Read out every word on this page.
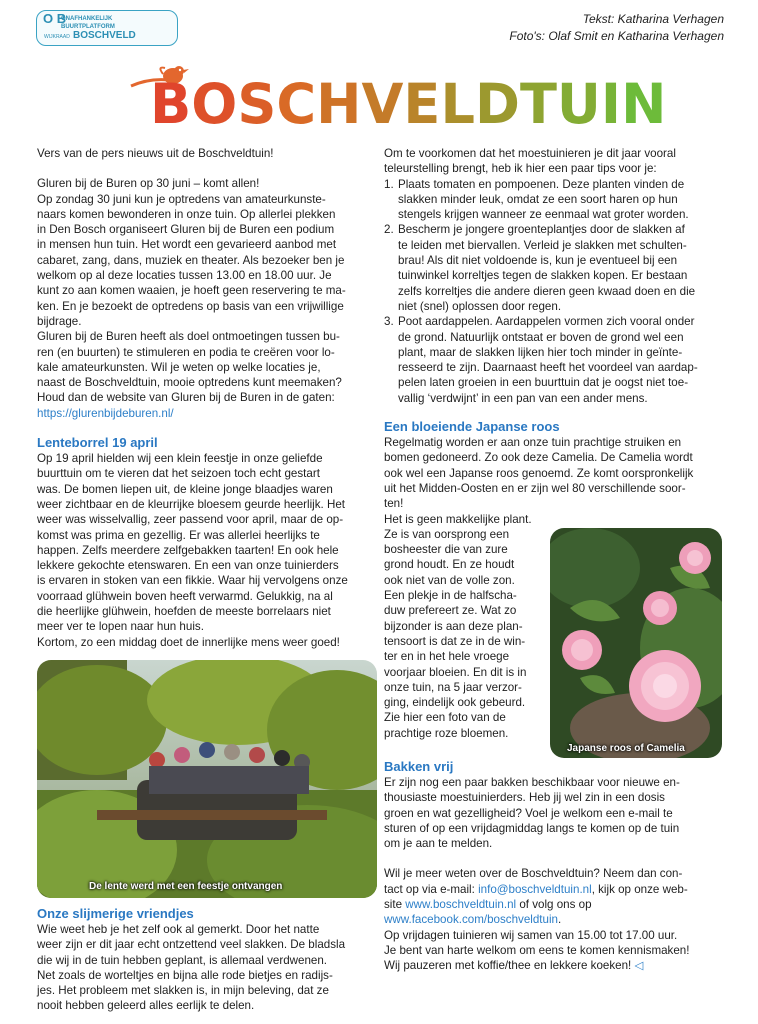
O B
ONAFHANKELIJK
BUURTPLATFORM
WIJKRAAD BOSCHVELD
Tekst: Katharina Verhagen
Foto's: Olaf Smit en Katharina Verhagen
BOSCHVELDTUIN

Vers van de pers nieuws uit de Boschveldtuin!

Gluren bij de Buren op 30 juni – komt allen!

Op zondag 30 juni kun je optredens van amateurkunste-

naars komen bewonderen in onze tuin. Op allerlei plekken

in Den Bosch organiseert Gluren bij de Buren een podium

in mensen hun tuin. Het wordt een gevarieerd aanbod met

cabaret, zang, dans, muziek en theater. Als bezoeker ben je

welkom op al deze locaties tussen 13.00 en 18.00 uur. Je

kunt zo aan komen waaien, je hoeft geen reservering te ma-

ken. En je bezoekt de optredens op basis van een vrijwillige

bijdrage.

Gluren bij de Buren heeft als doel ontmoetingen tussen bu-

ren (en buurten) te stimuleren en podia te creëren voor lo-

kale amateurkunsten. Wil je weten op welke locaties je,

naast de Boschveldtuin, mooie optredens kunt meemaken?

Houd dan de website van Gluren bij de Buren in de gaten:

https://glurenbijdeburen.nl/

Lenteborrel 19 april

Op 19 april hielden wij een klein feestje in onze geliefde

buurttuin om te vieren dat het seizoen toch echt gestart

was. De bomen liepen uit, de kleine jonge blaadjes waren

weer zichtbaar en de kleurrijke bloesem geurde heerlijk. Het

weer was wisselvallig, zeer passend voor april, maar de op-

komst was prima en gezellig. Er was allerlei heerlijks te

happen. Zelfs meerdere zelfgebakken taarten! En ook hele

lekkere gekochte etenswaren. En een van onze tuinierders

is ervaren in stoken van een fikkie. Waar hij vervolgens onze

voorraad glühwein boven heeft verwarmd. Gelukkig, na al

die heerlijke glühwein, hoefden de meeste borrelaars niet

meer ver te lopen naar hun huis.

Kortom, zo een middag doet de innerlijke mens weer goed!

De lente werd met een feestje ontvangen

Onze slijmerige vriendjes

Wie weet heb je het zelf ook al gemerkt. Door het natte

weer zijn er dit jaar echt ontzettend veel slakken. De bladsla

die wij in de tuin hebben geplant, is allemaal verdwenen.

Net zoals de worteltjes en bijna alle rode bietjes en radijs-

jes. Het probleem met slakken is, in mijn beleving, dat ze

nooit hebben geleerd alles eerlijk te delen.

Om te voorkomen dat het moestuinieren je dit jaar vooral

teleurstelling brengt, heb ik hier een paar tips voor je:

1. Plaats tomaten en pompoenen. Deze planten vinden de

slakken minder leuk, omdat ze een soort haren op hun

stengels krijgen wanneer ze eenmaal wat groter worden.

2. Bescherm je jongere groenteplantjes door de slakken af

te leiden met biervallen. Verleid je slakken met schulten-

brau! Als dit niet voldoende is, kun je eventueel bij een

tuinwinkel korreltjes tegen de slakken kopen. Er bestaan

zelfs korreltjes die andere dieren geen kwaad doen en die

niet (snel) oplossen door regen.

3. Poot aardappelen. Aardappelen vormen zich vooral onder

de grond. Natuurlijk ontstaat er boven de grond wel een

plant, maar de slakken lijken hier toch minder in geïnte-

resseerd te zijn. Daarnaast heeft het voordeel van aardap-

pelen laten groeien in een buurttuin dat je oogst niet toe-

vallig ‘verdwijnt’ in een pan van een ander mens.

Een bloeiende Japanse roos

Regelmatig worden er aan onze tuin prachtige struiken en

bomen gedoneerd. Zo ook deze Camelia. De Camelia wordt

ook wel een Japanse roos genoemd. Ze komt oorspronkelijk

uit het Midden-Oosten en er zijn wel 80 verschillende soor-

ten!

Het is geen makkelijke plant.

Ze is van oorsprong een

bosheester die van zure

grond houdt. En ze houdt

ook niet van de volle zon.

Een plekje in de halfscha-

duw prefereert ze. Wat zo

bijzonder is aan deze plan-

tensoort is dat ze in de win-

ter en in het hele vroege

voorjaar bloeien. En dit is in

onze tuin, na 5 jaar verzor-

ging, eindelijk ook gebeurd.

Zie hier een foto van de

prachtige roze bloemen.

Japanse roos of Camelia

Bakken vrij

Er zijn nog een paar bakken beschikbaar voor nieuwe en-

thousiaste moestuinierders. Heb jij wel zin in een dosis

groen en wat gezelligheid? Voel je welkom een e-mail te

sturen of op een vrijdagmiddag langs te komen op de tuin

om je aan te melden.

Wil je meer weten over de Boschveldtuin? Neem dan con-

tact op via e-mail: info@boschveldtuin.nl, kijk op onze web-

site www.boschveldtuin.nl of volg ons op

www.facebook.com/boschveldtuin.

Op vrijdagen tuinieren wij samen van 15.00 tot 17.00 uur.

Je bent van harte welkom om eens te komen kennismaken!

Wij pauzeren met koffie/thee en lekkere koeken! ◁
